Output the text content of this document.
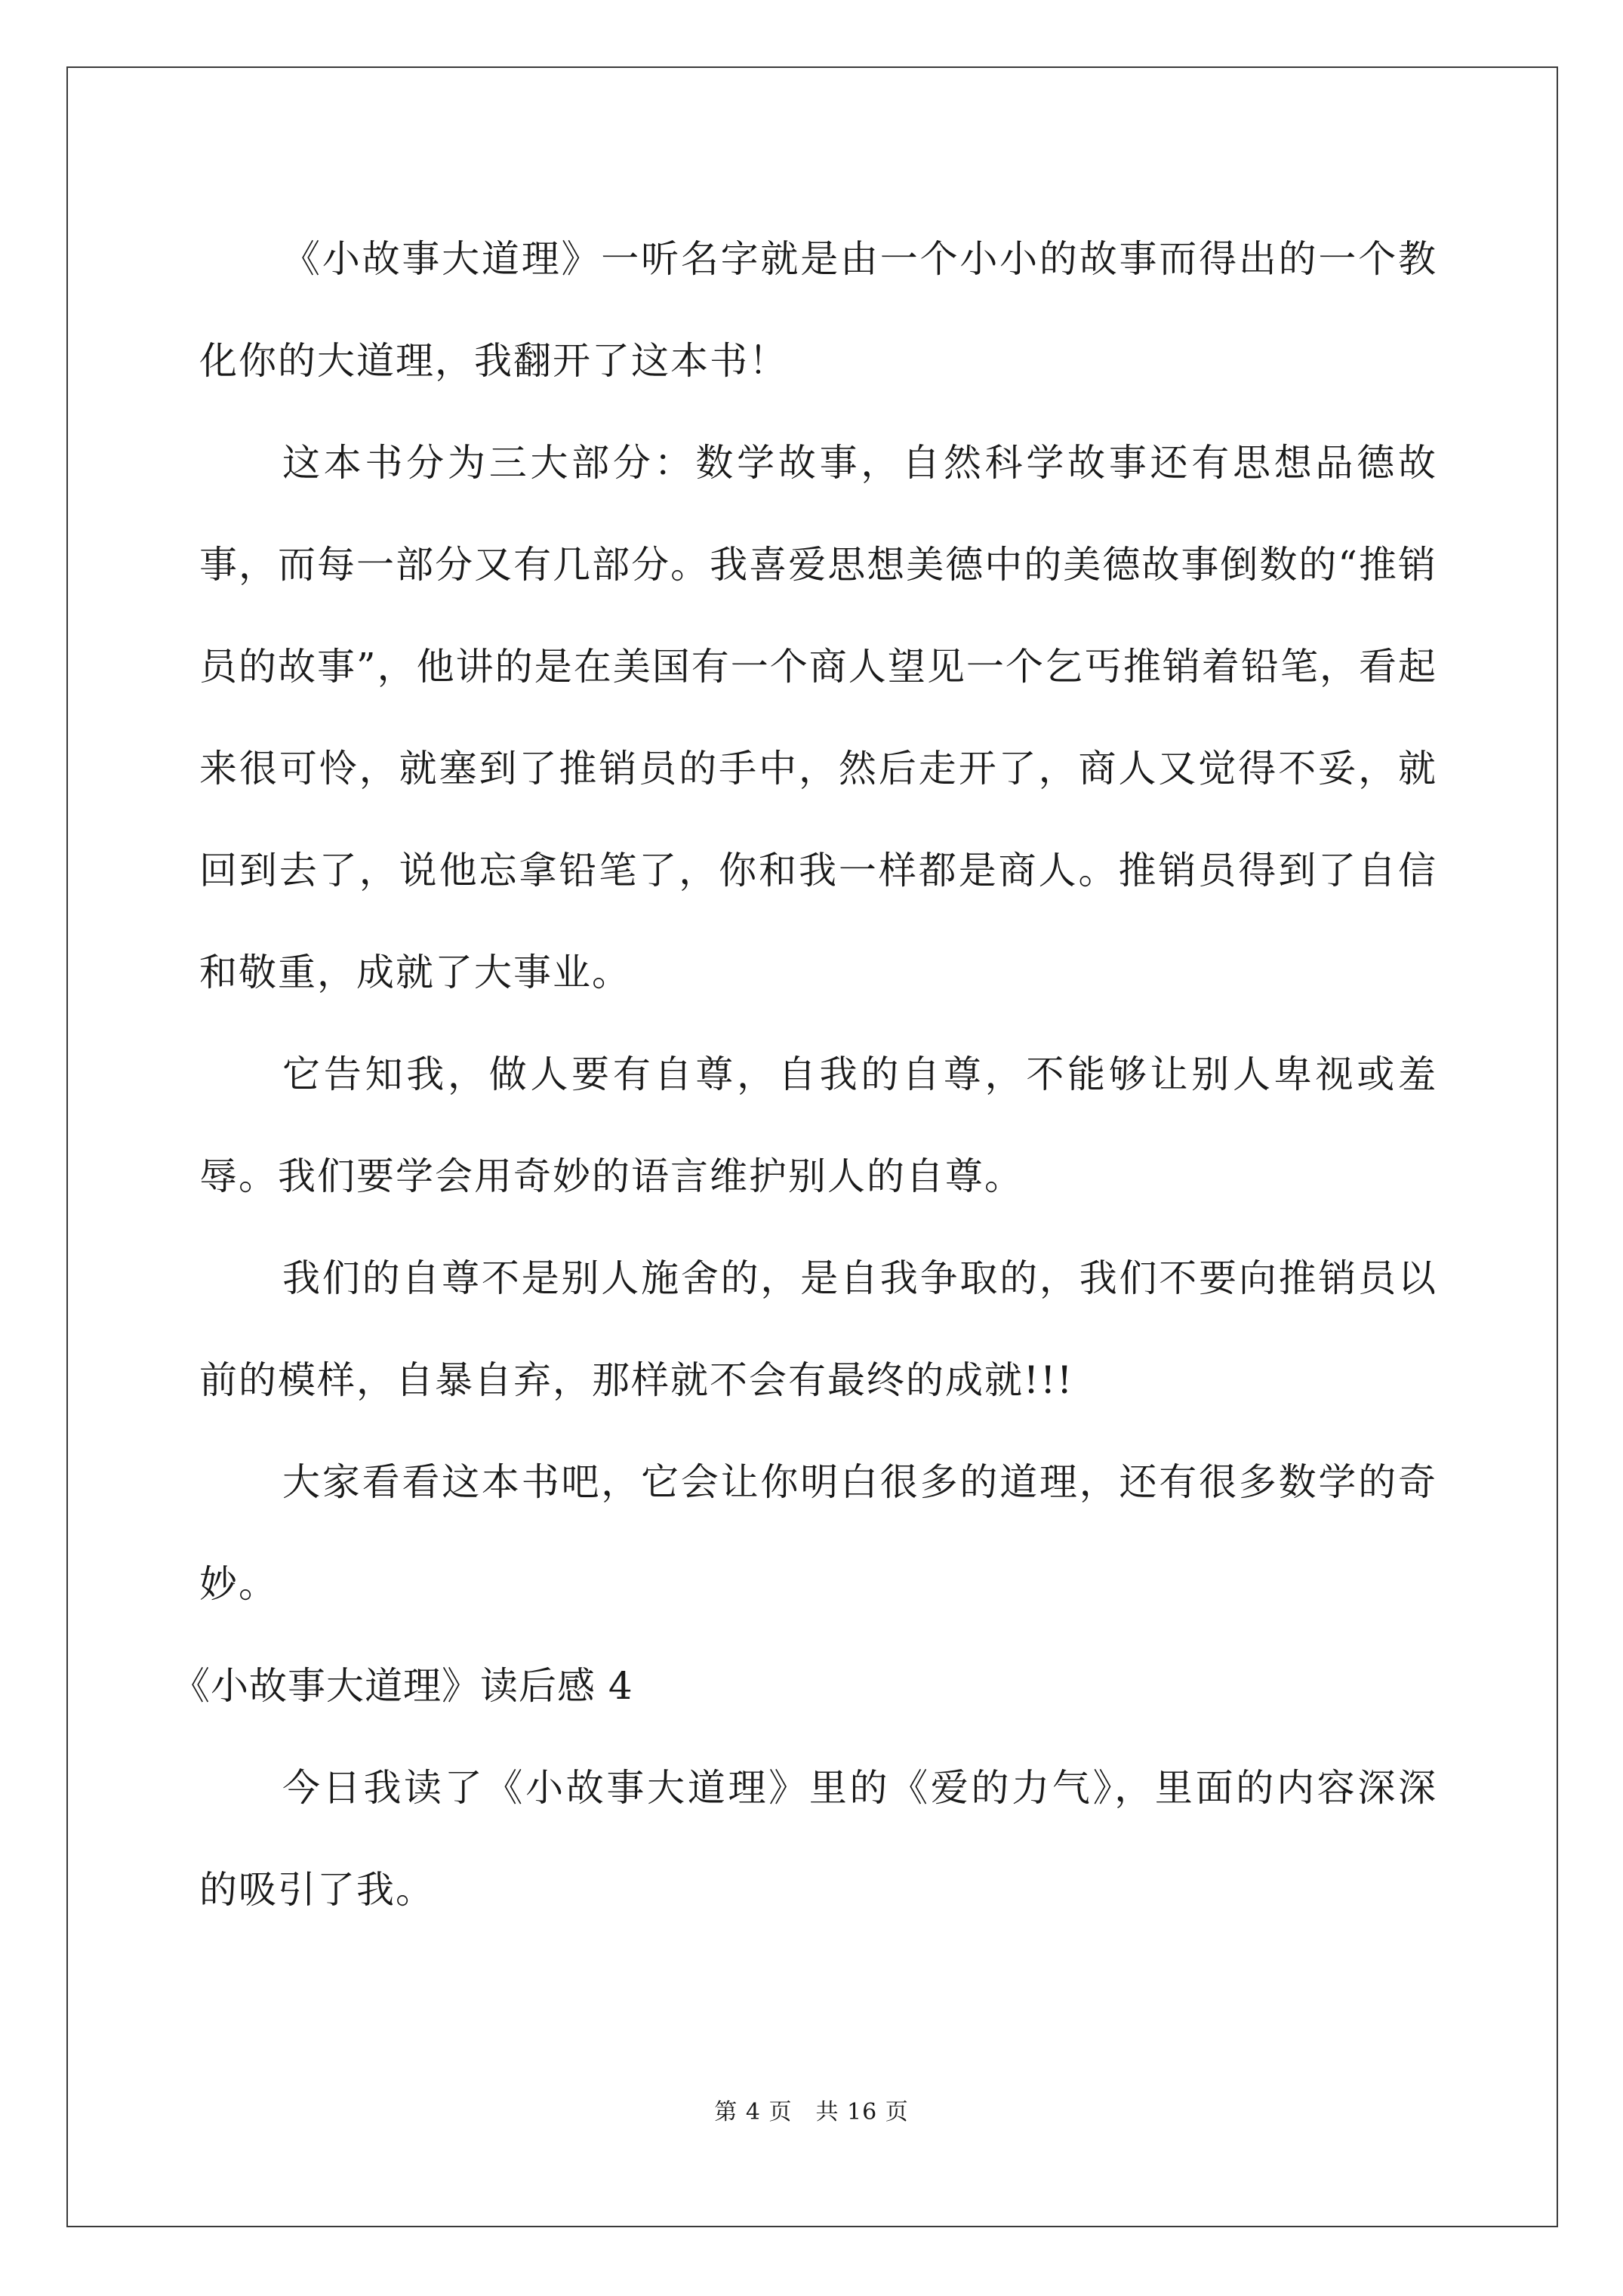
《小故事大道理》一听名字就是由一个小小的故事而得出的一个教化你的大道理，我翻开了这本书！

这本书分为三大部分：数学故事，自然科学故事还有思想品德故事，而每一部分又有几部分。我喜爱思想美德中的美德故事倒数的“推销员的故事”，他讲的是在美国有一个商人望见一个乞丐推销着铅笔，看起来很可怜，就塞到了推销员的手中，然后走开了，商人又觉得不妥，就回到去了，说他忘拿铅笔了，你和我一样都是商人。推销员得到了自信和敬重，成就了大事业。

它告知我，做人要有自尊，自我的自尊，不能够让别人卑视或羞辱。我们要学会用奇妙的语言维护别人的自尊。

我们的自尊不是别人施舍的，是自我争取的，我们不要向推销员以前的模样，自暴自弃，那样就不会有最终的成就!!!

大家看看这本书吧，它会让你明白很多的道理，还有很多数学的奇妙。

《小故事大道理》读后感 4

今日我读了《小故事大道理》里的《爱的力气》，里面的内容深深的吸引了我。

第 4 页　共 16 页
